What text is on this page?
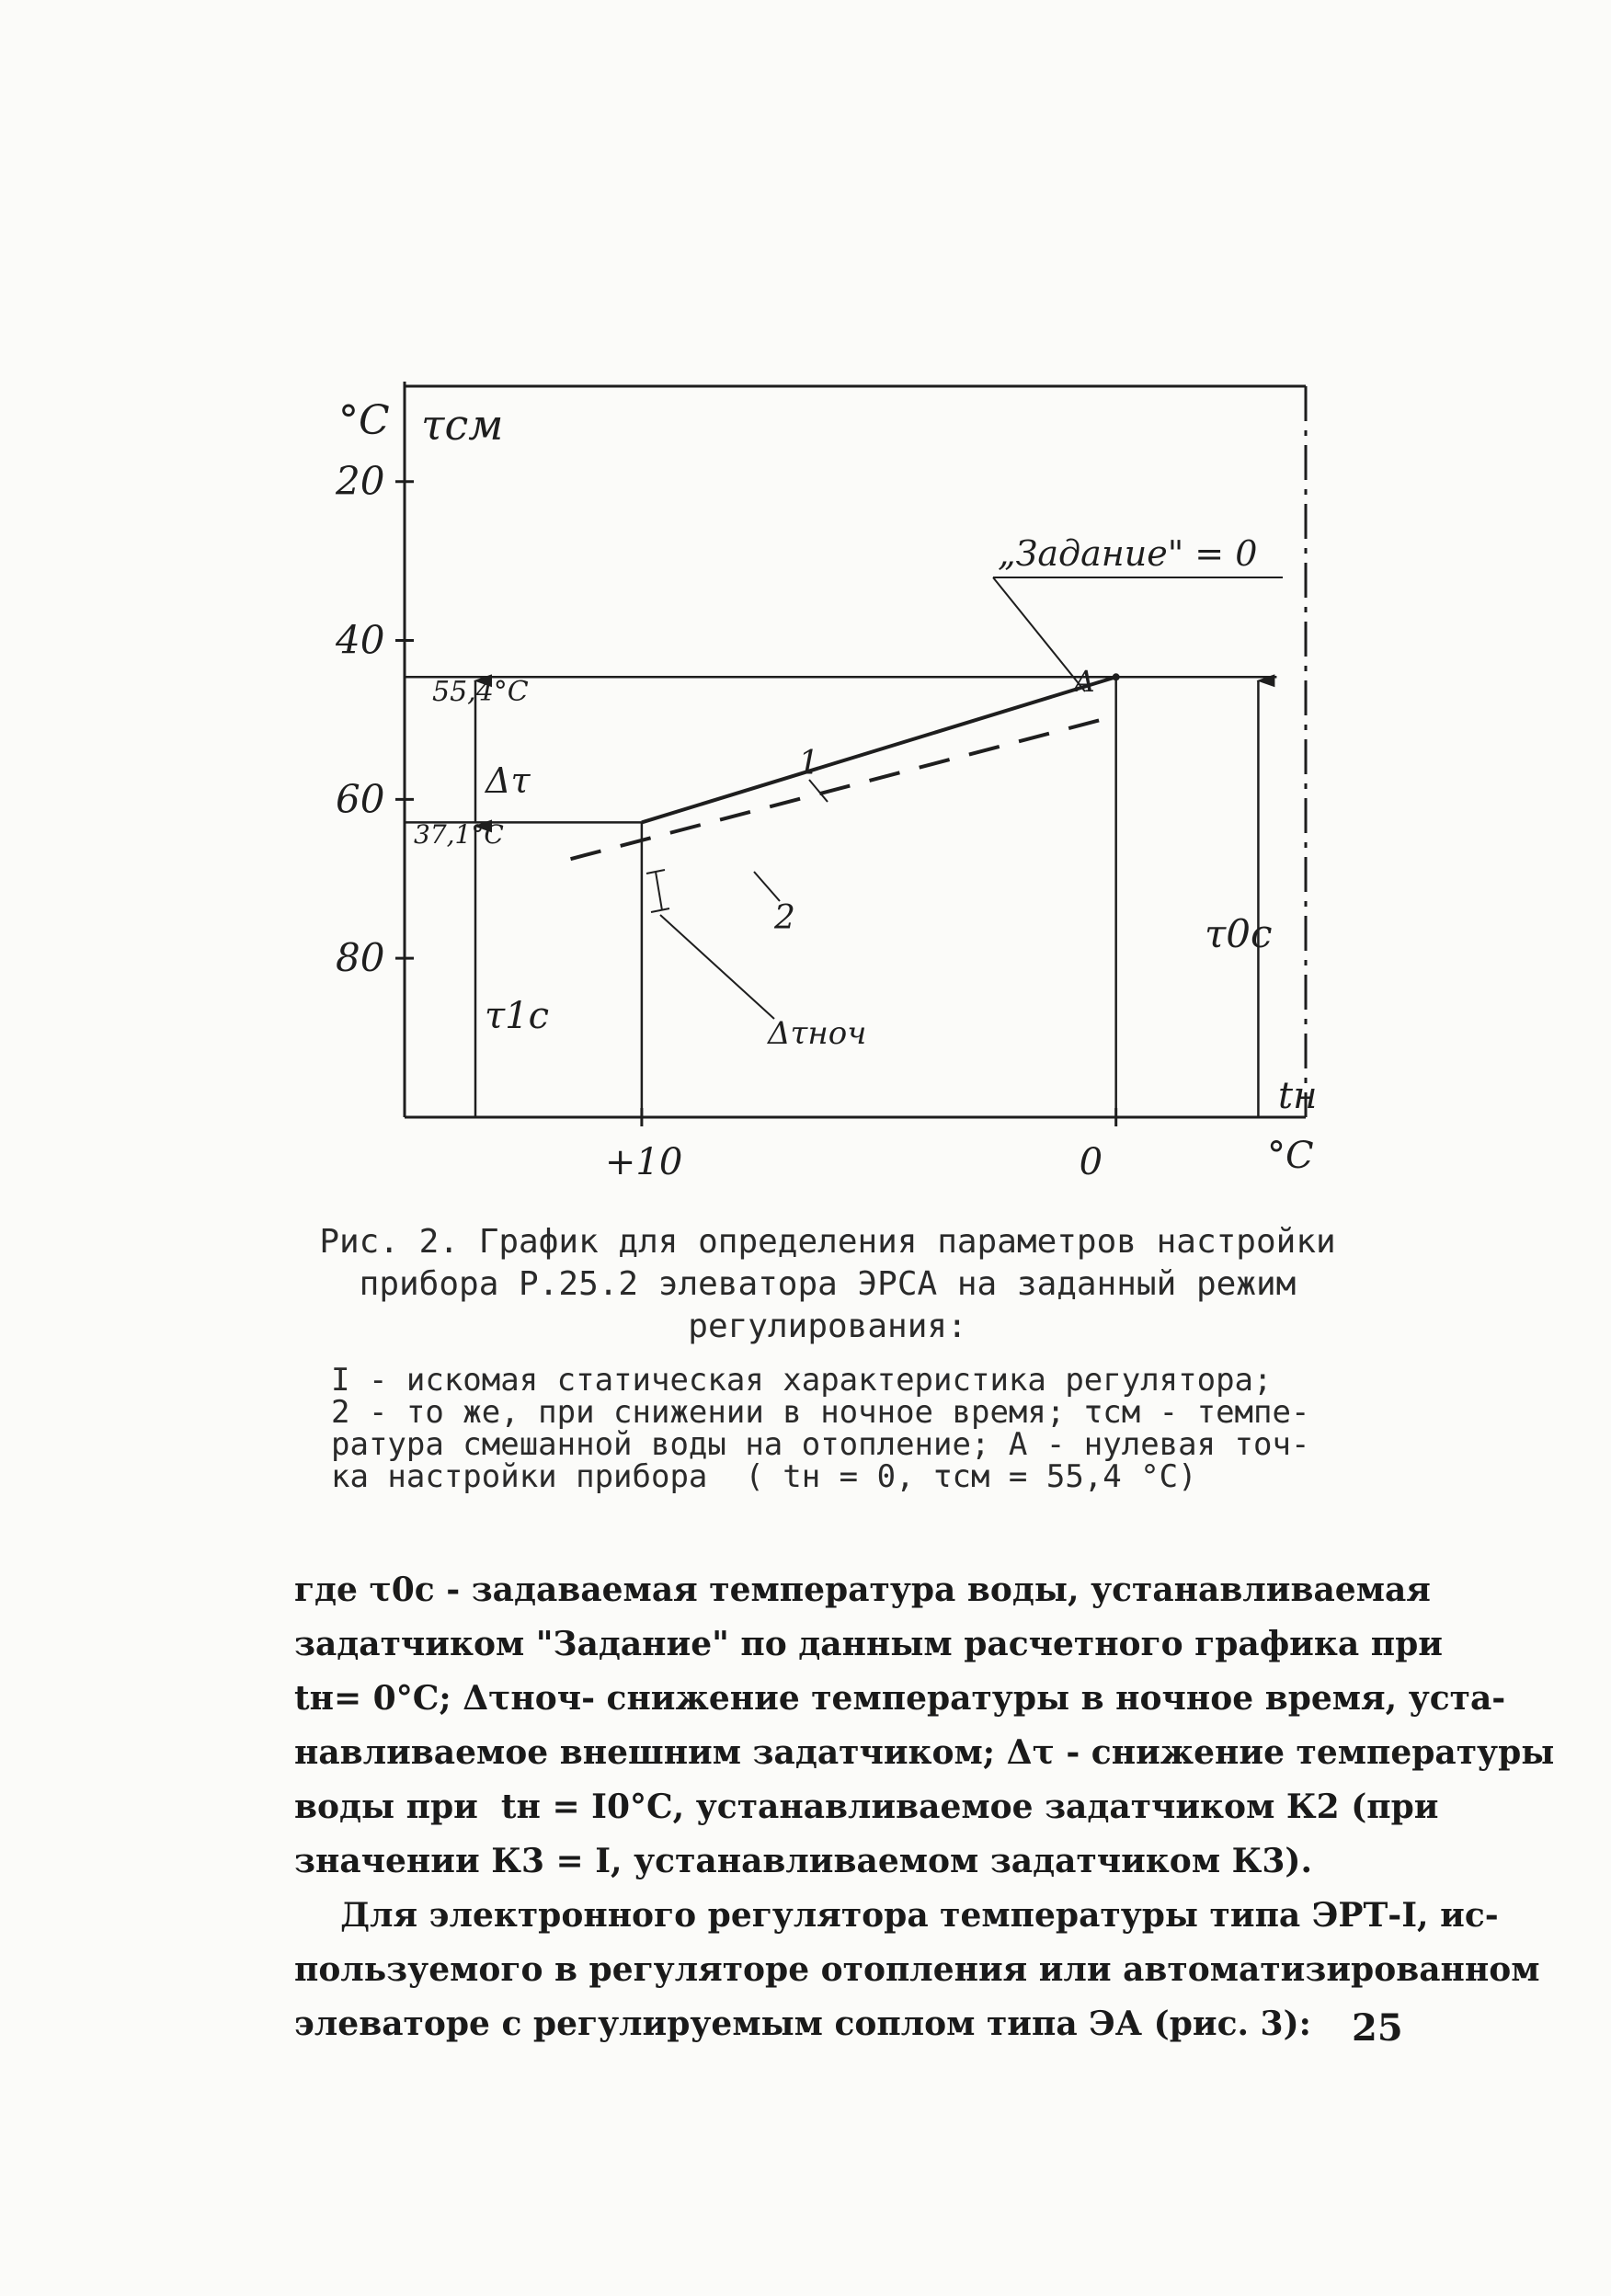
80
60
40
20
+10	0
°C τсм
55,4°C
37,1°C
Δτ
τ1с
τ0с
„Задание" = 0
А
1
2
Δτноч
tн
°C
Рис. 2. График для определения параметров настройки
прибора Р.25.2 элеватора ЭРСА на заданный режим
регулирования:
I - искомая статическая характеристика регулятора;
2 - то же, при снижении в ночное время; τсм - темпе-
ратура смешанной воды на отопление; А - нулевая точ-
ка настройки прибора  ( tн = 0, τсм = 55,4 °С)
где τ0с - задаваемая температура воды, устанавливаемая
задатчиком "Задание" по данным расчетного графика при
tн= 0°С; Δτноч- снижение температуры в ночное время, уста-
навливаемое внешним задатчиком; Δτ - снижение температуры
воды при  tн = I0°С, устанавливаемое задатчиком К2 (при
значении К3 = I, устанавливаемом задатчиком К3).
Для электронного регулятора температуры типа ЭРТ-I, ис-
пользуемого в регуляторе отопления или автоматизированном
элеваторе с регулируемым соплом типа ЭА (рис. 3):	25
